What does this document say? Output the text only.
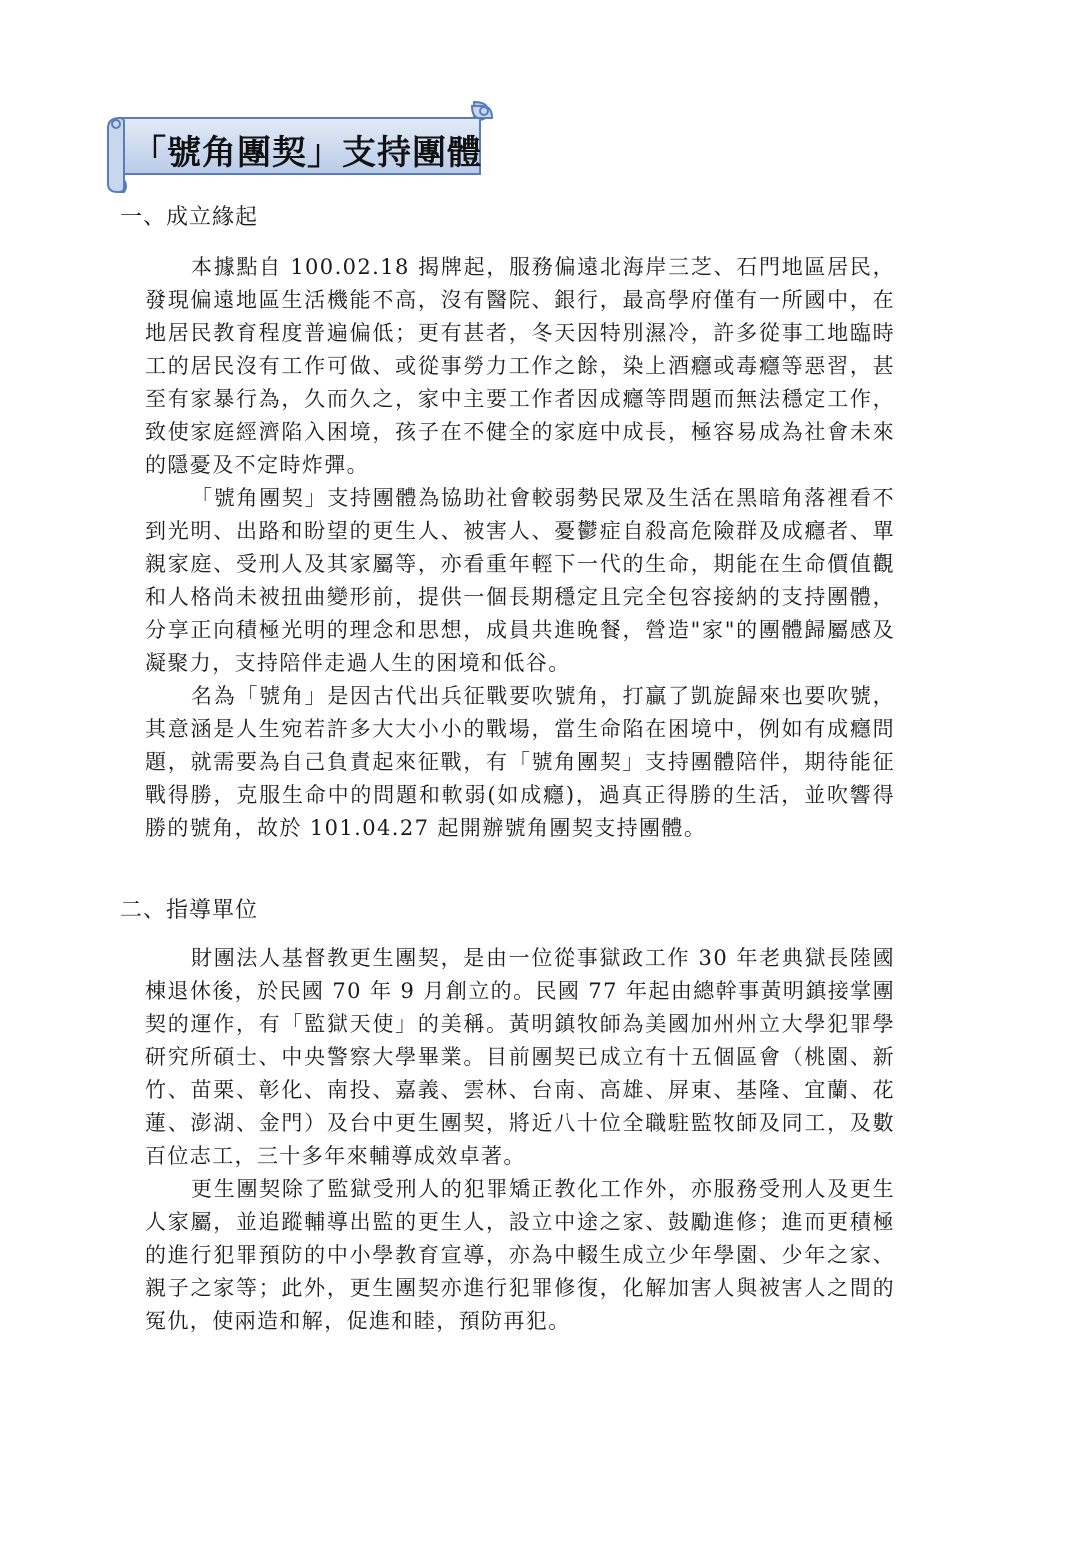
「號角團契」支持團體
一、成立緣起

本據點自 100.02.18 揭牌起，服務偏遠北海岸三芝、石門地區居民，發現偏遠地區生活機能不高，沒有醫院、銀行，最高學府僅有一所國中，在地居民教育程度普遍偏低；更有甚者，冬天因特別濕冷，許多從事工地臨時工的居民沒有工作可做、或從事勞力工作之餘，染上酒癮或毒癮等惡習，甚至有家暴行為，久而久之，家中主要工作者因成癮等問題而無法穩定工作，致使家庭經濟陷入困境，孩子在不健全的家庭中成長，極容易成為社會未來的隱憂及不定時炸彈。

「號角團契」支持團體為協助社會較弱勢民眾及生活在黑暗角落裡看不到光明、出路和盼望的更生人、被害人、憂鬱症自殺高危險群及成癮者、單親家庭、受刑人及其家屬等，亦看重年輕下一代的生命，期能在生命價值觀和人格尚未被扭曲變形前，提供一個長期穩定且完全包容接納的支持團體，分享正向積極光明的理念和思想，成員共進晚餐，營造"家"的團體歸屬感及凝聚力，支持陪伴走過人生的困境和低谷。

名為「號角」是因古代出兵征戰要吹號角，打贏了凱旋歸來也要吹號，其意涵是人生宛若許多大大小小的戰場，當生命陷在困境中，例如有成癮問題，就需要為自己負責起來征戰，有「號角團契」支持團體陪伴，期待能征戰得勝，克服生命中的問題和軟弱(如成癮)，過真正得勝的生活，並吹響得勝的號角，故於 101.04.27 起開辦號角團契支持團體。

二、指導單位

財團法人基督教更生團契，是由一位從事獄政工作 30 年老典獄長陸國棟退休後，於民國 70 年 9 月創立的。民國 77 年起由總幹事黃明鎮接掌團契的運作，有「監獄天使」的美稱。黃明鎮牧師為美國加州州立大學犯罪學研究所碩士、中央警察大學畢業。目前團契已成立有十五個區會（桃園、新竹、苗栗、彰化、南投、嘉義、雲林、台南、高雄、屏東、基隆、宜蘭、花蓮、澎湖、金門）及台中更生團契，將近八十位全職駐監牧師及同工，及數百位志工，三十多年來輔導成效卓著。

更生團契除了監獄受刑人的犯罪矯正教化工作外，亦服務受刑人及更生人家屬，並追蹤輔導出監的更生人，設立中途之家、鼓勵進修；進而更積極的進行犯罪預防的中小學教育宣導，亦為中輟生成立少年學園、少年之家、親子之家等；此外，更生團契亦進行犯罪修復，化解加害人與被害人之間的冤仇，使兩造和解，促進和睦，預防再犯。
